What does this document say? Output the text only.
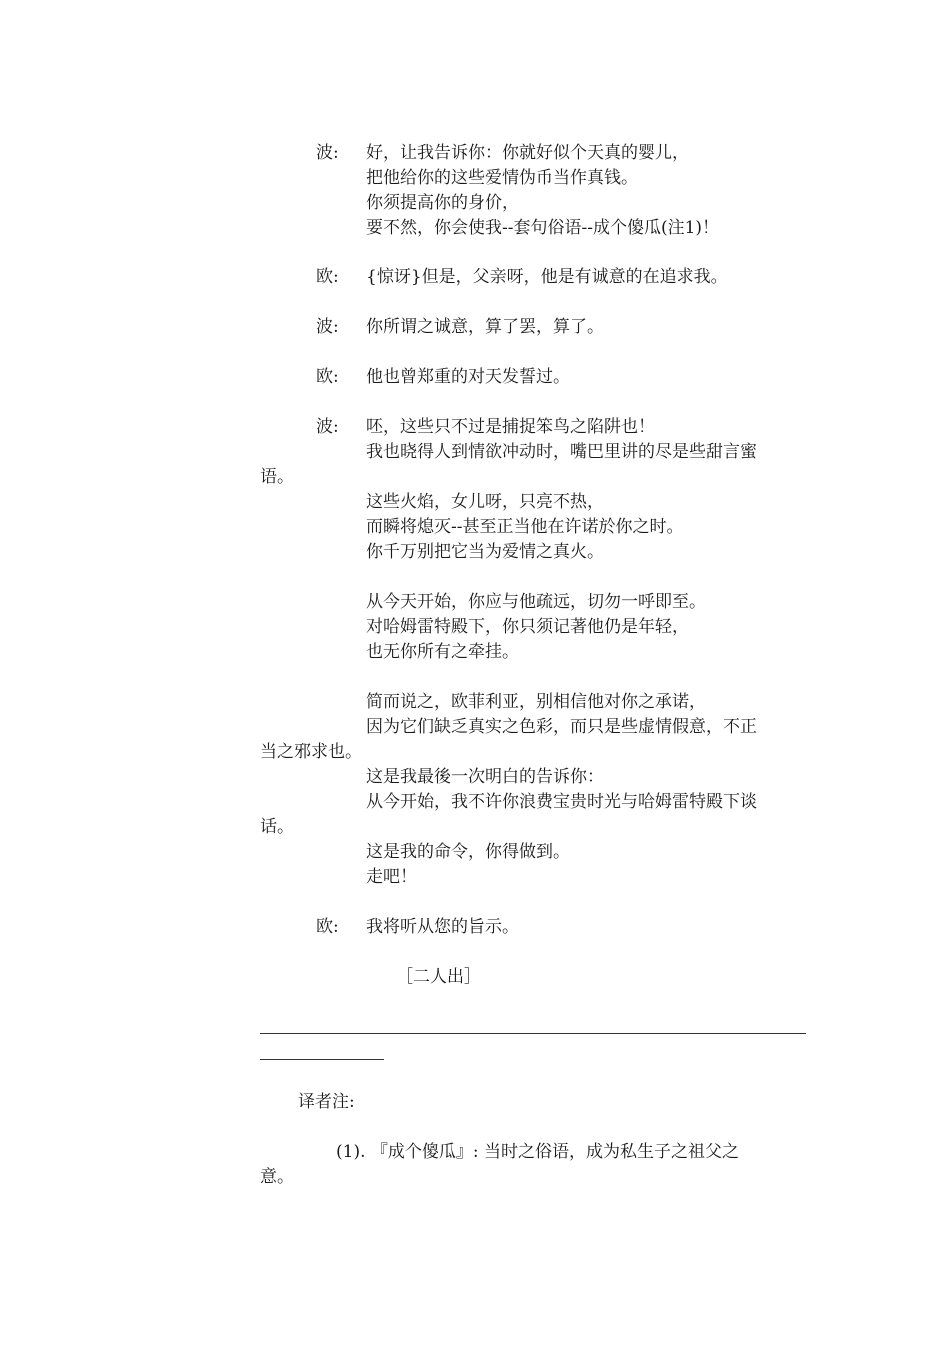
波: 好，让我告诉你：你就好似个天真的婴儿，
把他给你的这些爱情伪币当作真钱。
你须提高你的身价，
要不然，你会使我--套句俗语--成个傻瓜(注1)！
欧: {惊讶}但是，父亲呀，他是有诚意的在追求我。
波: 你所谓之诚意，算了罢，算了。
欧: 他也曾郑重的对天发誓过。
波: 呸，这些只不过是捕捉笨鸟之陷阱也！
我也晓得人到情欲冲动时，嘴巴里讲的尽是些甜言蜜
语。
这些火焰，女儿呀，只亮不热，
而瞬将熄灭--甚至正当他在许诺於你之时。
你千万别把它当为爱情之真火。
从今天开始，你应与他疏远，切勿一呼即至。
对哈姆雷特殿下，你只须记著他仍是年轻，
也无你所有之牵挂。
简而说之，欧菲利亚，别相信他对你之承诺，
因为它们缺乏真实之色彩，而只是些虚情假意，不正
当之邪求也。
这是我最後一次明白的告诉你：
从今开始，我不许你浪费宝贵时光与哈姆雷特殿下谈
话。
这是我的命令，你得做到。
走吧！
欧: 我将听从您的旨示。
［二人出］
译者注:
(1). 『成个傻瓜』: 当时之俗语，成为私生子之祖父之
意。
